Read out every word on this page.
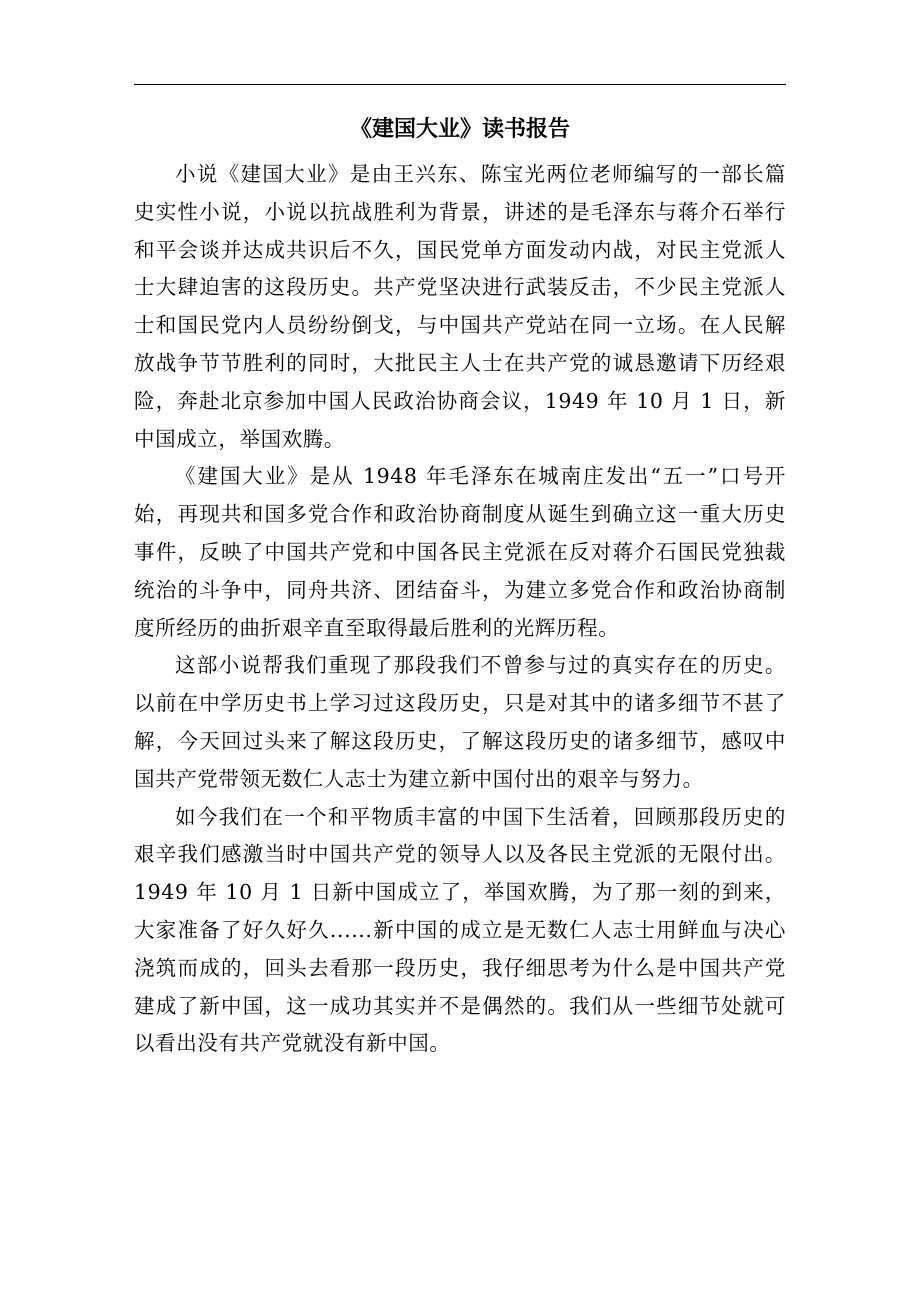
《建国大业》读书报告

小说《建国大业》是由王兴东、陈宝光两位老师编写的一部长篇史实性小说，小说以抗战胜利为背景，讲述的是毛泽东与蒋介石举行和平会谈并达成共识后不久，国民党单方面发动内战，对民主党派人士大肆迫害的这段历史。共产党坚决进行武装反击，不少民主党派人士和国民党内人员纷纷倒戈，与中国共产党站在同一立场。在人民解放战争节节胜利的同时，大批民主人士在共产党的诚恳邀请下历经艰险，奔赴北京参加中国人民政治协商会议，1949 年 10 月 1 日，新中国成立，举国欢腾。

《建国大业》是从 1948 年毛泽东在城南庄发出“五一”口号开始，再现共和国多党合作和政治协商制度从诞生到确立这一重大历史事件，反映了中国共产党和中国各民主党派在反对蒋介石国民党独裁统治的斗争中，同舟共济、团结奋斗，为建立多党合作和政治协商制度所经历的曲折艰辛直至取得最后胜利的光辉历程。

这部小说帮我们重现了那段我们不曾参与过的真实存在的历史。以前在中学历史书上学习过这段历史，只是对其中的诸多细节不甚了解，今天回过头来了解这段历史，了解这段历史的诸多细节，感叹中国共产党带领无数仁人志士为建立新中国付出的艰辛与努力。

如今我们在一个和平物质丰富的中国下生活着，回顾那段历史的艰辛我们感激当时中国共产党的领导人以及各民主党派的无限付出。1949 年 10 月 1 日新中国成立了，举国欢腾，为了那一刻的到来，大家准备了好久好久......新中国的成立是无数仁人志士用鲜血与决心浇筑而成的，回头去看那一段历史，我仔细思考为什么是中国共产党建成了新中国，这一成功其实并不是偶然的。我们从一些细节处就可以看出没有共产党就没有新中国。
